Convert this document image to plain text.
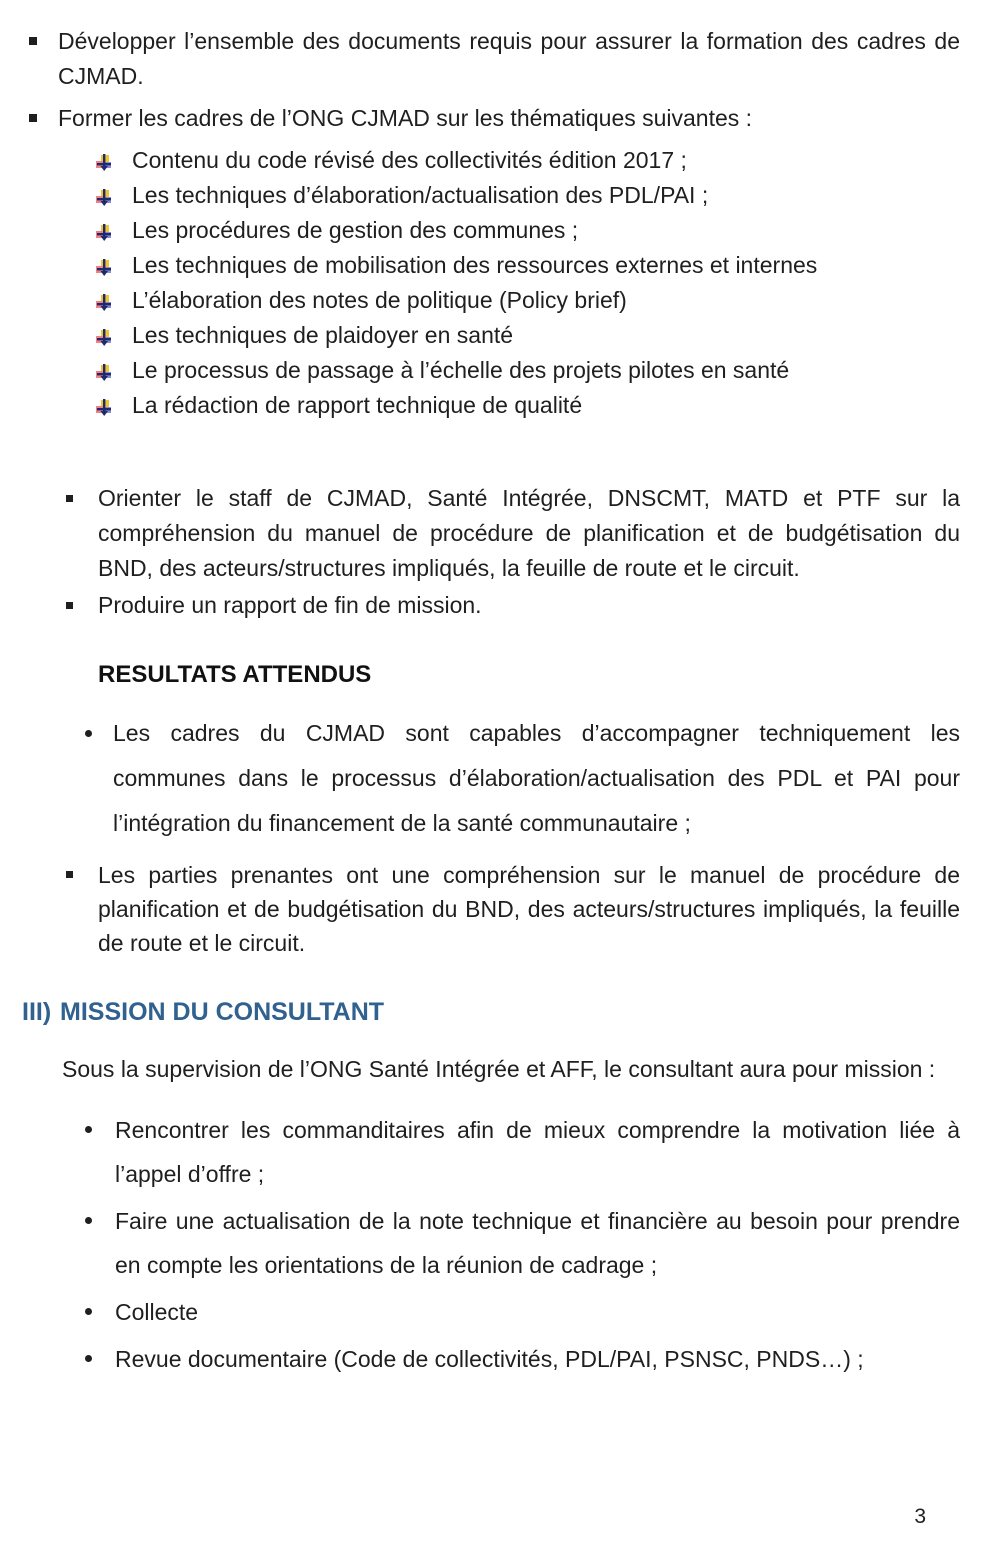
Développer l’ensemble des documents requis pour assurer la formation des cadres de CJMAD.
Former les cadres de l’ONG CJMAD sur les thématiques suivantes :
Contenu du code révisé des collectivités édition 2017 ;
Les techniques d’élaboration/actualisation des PDL/PAI ;
Les procédures de gestion des communes ;
Les techniques de mobilisation des ressources externes et internes
L’élaboration des notes de politique (Policy brief)
Les techniques de plaidoyer en santé
Le processus de passage à l’échelle des projets pilotes en santé
La rédaction de rapport technique de qualité
Orienter le staff de CJMAD, Santé Intégrée, DNSCMT, MATD et PTF sur la compréhension du manuel de procédure de planification et de budgétisation du BND, des acteurs/structures impliqués, la feuille de route et le circuit.
Produire un rapport de fin de mission.
RESULTATS ATTENDUS
Les cadres du CJMAD sont capables d’accompagner techniquement les communes dans le processus d’élaboration/actualisation des PDL et PAI pour l’intégration du financement de la santé communautaire ;
Les parties prenantes ont une compréhension sur le manuel de procédure de planification et de budgétisation du BND, des acteurs/structures impliqués, la feuille de route et le circuit.
III) MISSION DU CONSULTANT
Sous la supervision de l’ONG Santé Intégrée et AFF, le consultant aura pour mission :
Rencontrer les commanditaires afin de mieux comprendre la motivation liée à l’appel d’offre ;
Faire une actualisation de la note technique et financière au besoin pour prendre en compte les orientations de la réunion de cadrage ;
Collecte
Revue documentaire (Code de collectivités, PDL/PAI, PSNSC, PNDS…) ;
3
